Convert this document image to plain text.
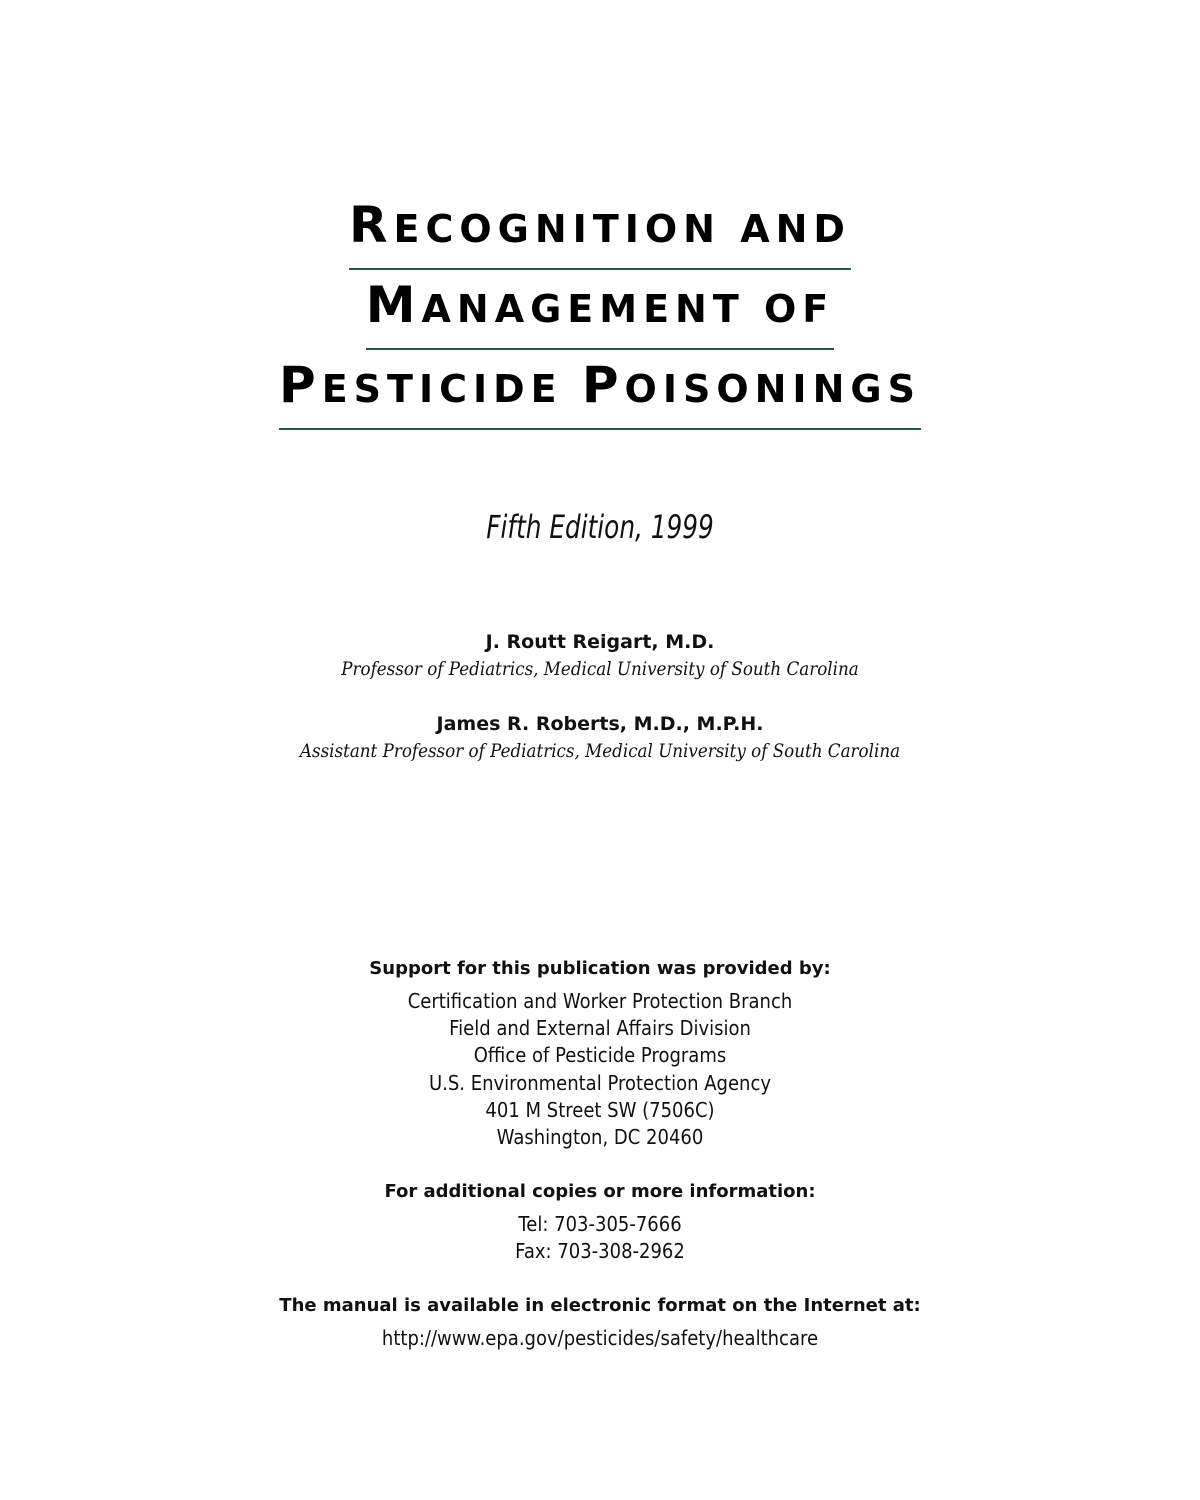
RECOGNITION AND
MANAGEMENT OF
PESTICIDE POISONINGS
Fifth Edition, 1999
J. Routt Reigart, M.D.
Professor of Pediatrics, Medical University of South Carolina
James R. Roberts, M.D., M.P.H.
Assistant Professor of Pediatrics, Medical University of South Carolina
Support for this publication was provided by:
Certification and Worker Protection Branch
Field and External Affairs Division
Office of Pesticide Programs
U.S. Environmental Protection Agency
401 M Street SW (7506C)
Washington, DC 20460
For additional copies or more information:
Tel: 703-305-7666
Fax: 703-308-2962
The manual is available in electronic format on the Internet at:
http://www.epa.gov/pesticides/safety/healthcare
